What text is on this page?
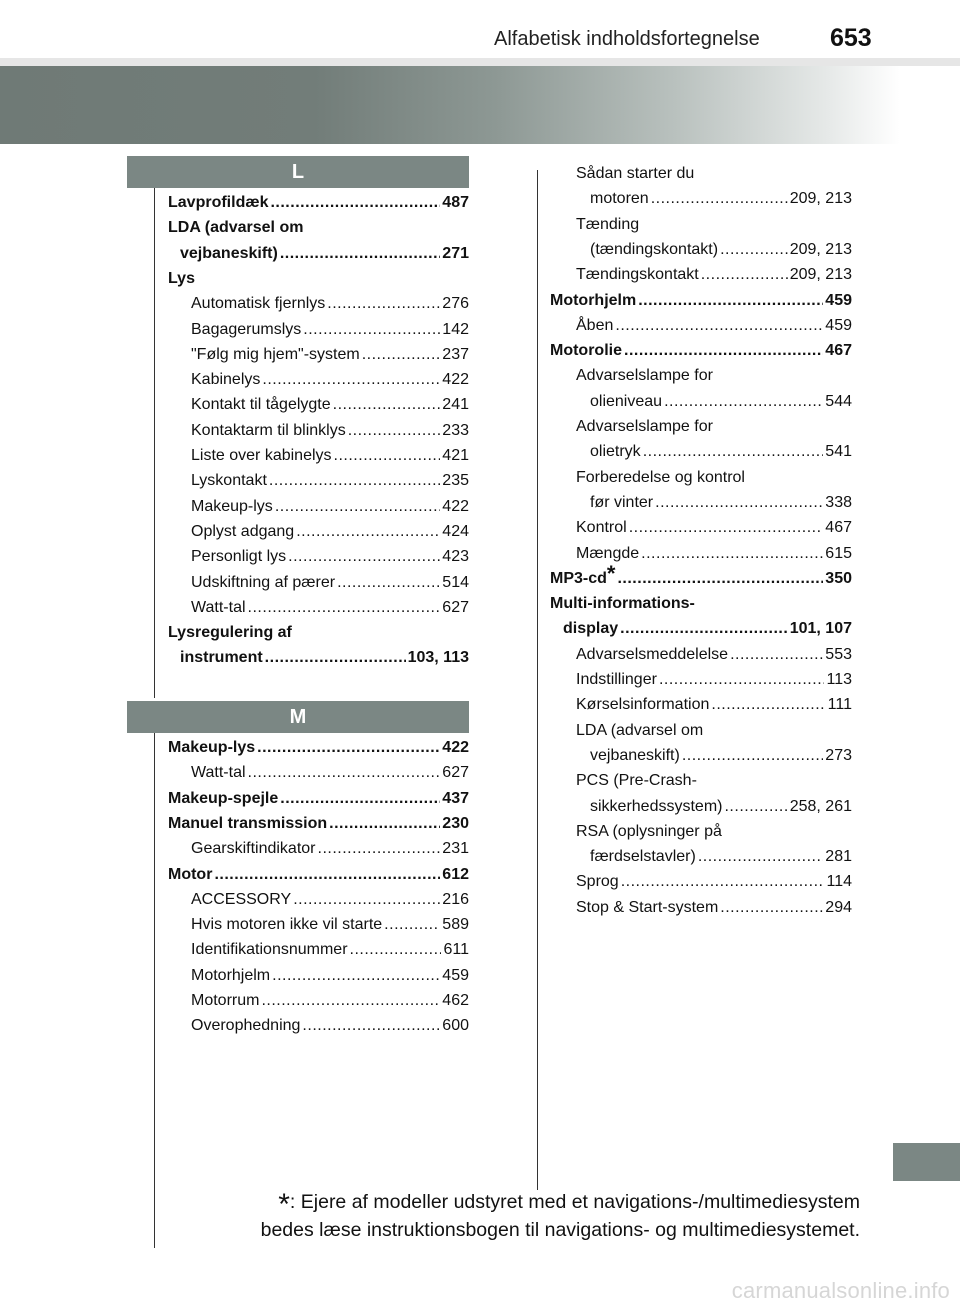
Alfabetisk indholdsfortegnelse	653
L
M
Lavprofildæk .....	487
LDA (advarsel om
vejbaneskift) .....	271
Lys
Automatisk fjernlys .....	276
Bagagerumslys .....	142
"Følg mig hjem"-system .....	237
Kabinelys .....	422
Kontakt til tågelygte .....	241
Kontaktarm til blinklys .....	233
Liste over kabinelys .....	421
Lyskontakt .....	235
Makeup-lys .....	422
Oplyst adgang .....	424
Personligt lys .....	423
Udskiftning af pærer .....	514
Watt-tal .....	627
Lysregulering af
instrument .....	103, 113
Makeup-lys .....	422
Watt-tal .....	627
Makeup-spejle .....	437
Manuel transmission .....	230
Gearskiftindikator .....	231
Motor .....	612
ACCESSORY .....	216
Hvis motoren ikke vil starte .....	589
Identifikationsnummer .....	611
Motorhjelm .....	459
Motorrum .....	462
Overophedning .....	600
Sådan starter du
motoren .....	209, 213
Tænding
(tændingskontakt) .....	209, 213
Tændingskontakt .....	209, 213
Motorhjelm .....	459
Åben .....	459
Motorolie .....	467
Advarselslampe for
olieniveau .....	544
Advarselslampe for
olietryk .....	541
Forberedelse og kontrol
før vinter .....	338
Kontrol .....	467
Mængde .....	615
MP3-cd* .....	350
Multi-informations-
display .....	101, 107
Advarselsmeddelelse .....	553
Indstillinger .....	113
Kørselsinformation .....	111
LDA (advarsel om
vejbaneskift) .....	273
PCS (Pre-Crash-
sikkerhedssystem) .....	258, 261
RSA (oplysninger på
færdselstavler) .....	281
Sprog .....	114
Stop & Start-system .....	294
*: Ejere af modeller udstyret med et navigations-/multimediesystem
bedes læse instruktionsbogen til navigations- og multimediesystemet.
carmanualsonline.info
